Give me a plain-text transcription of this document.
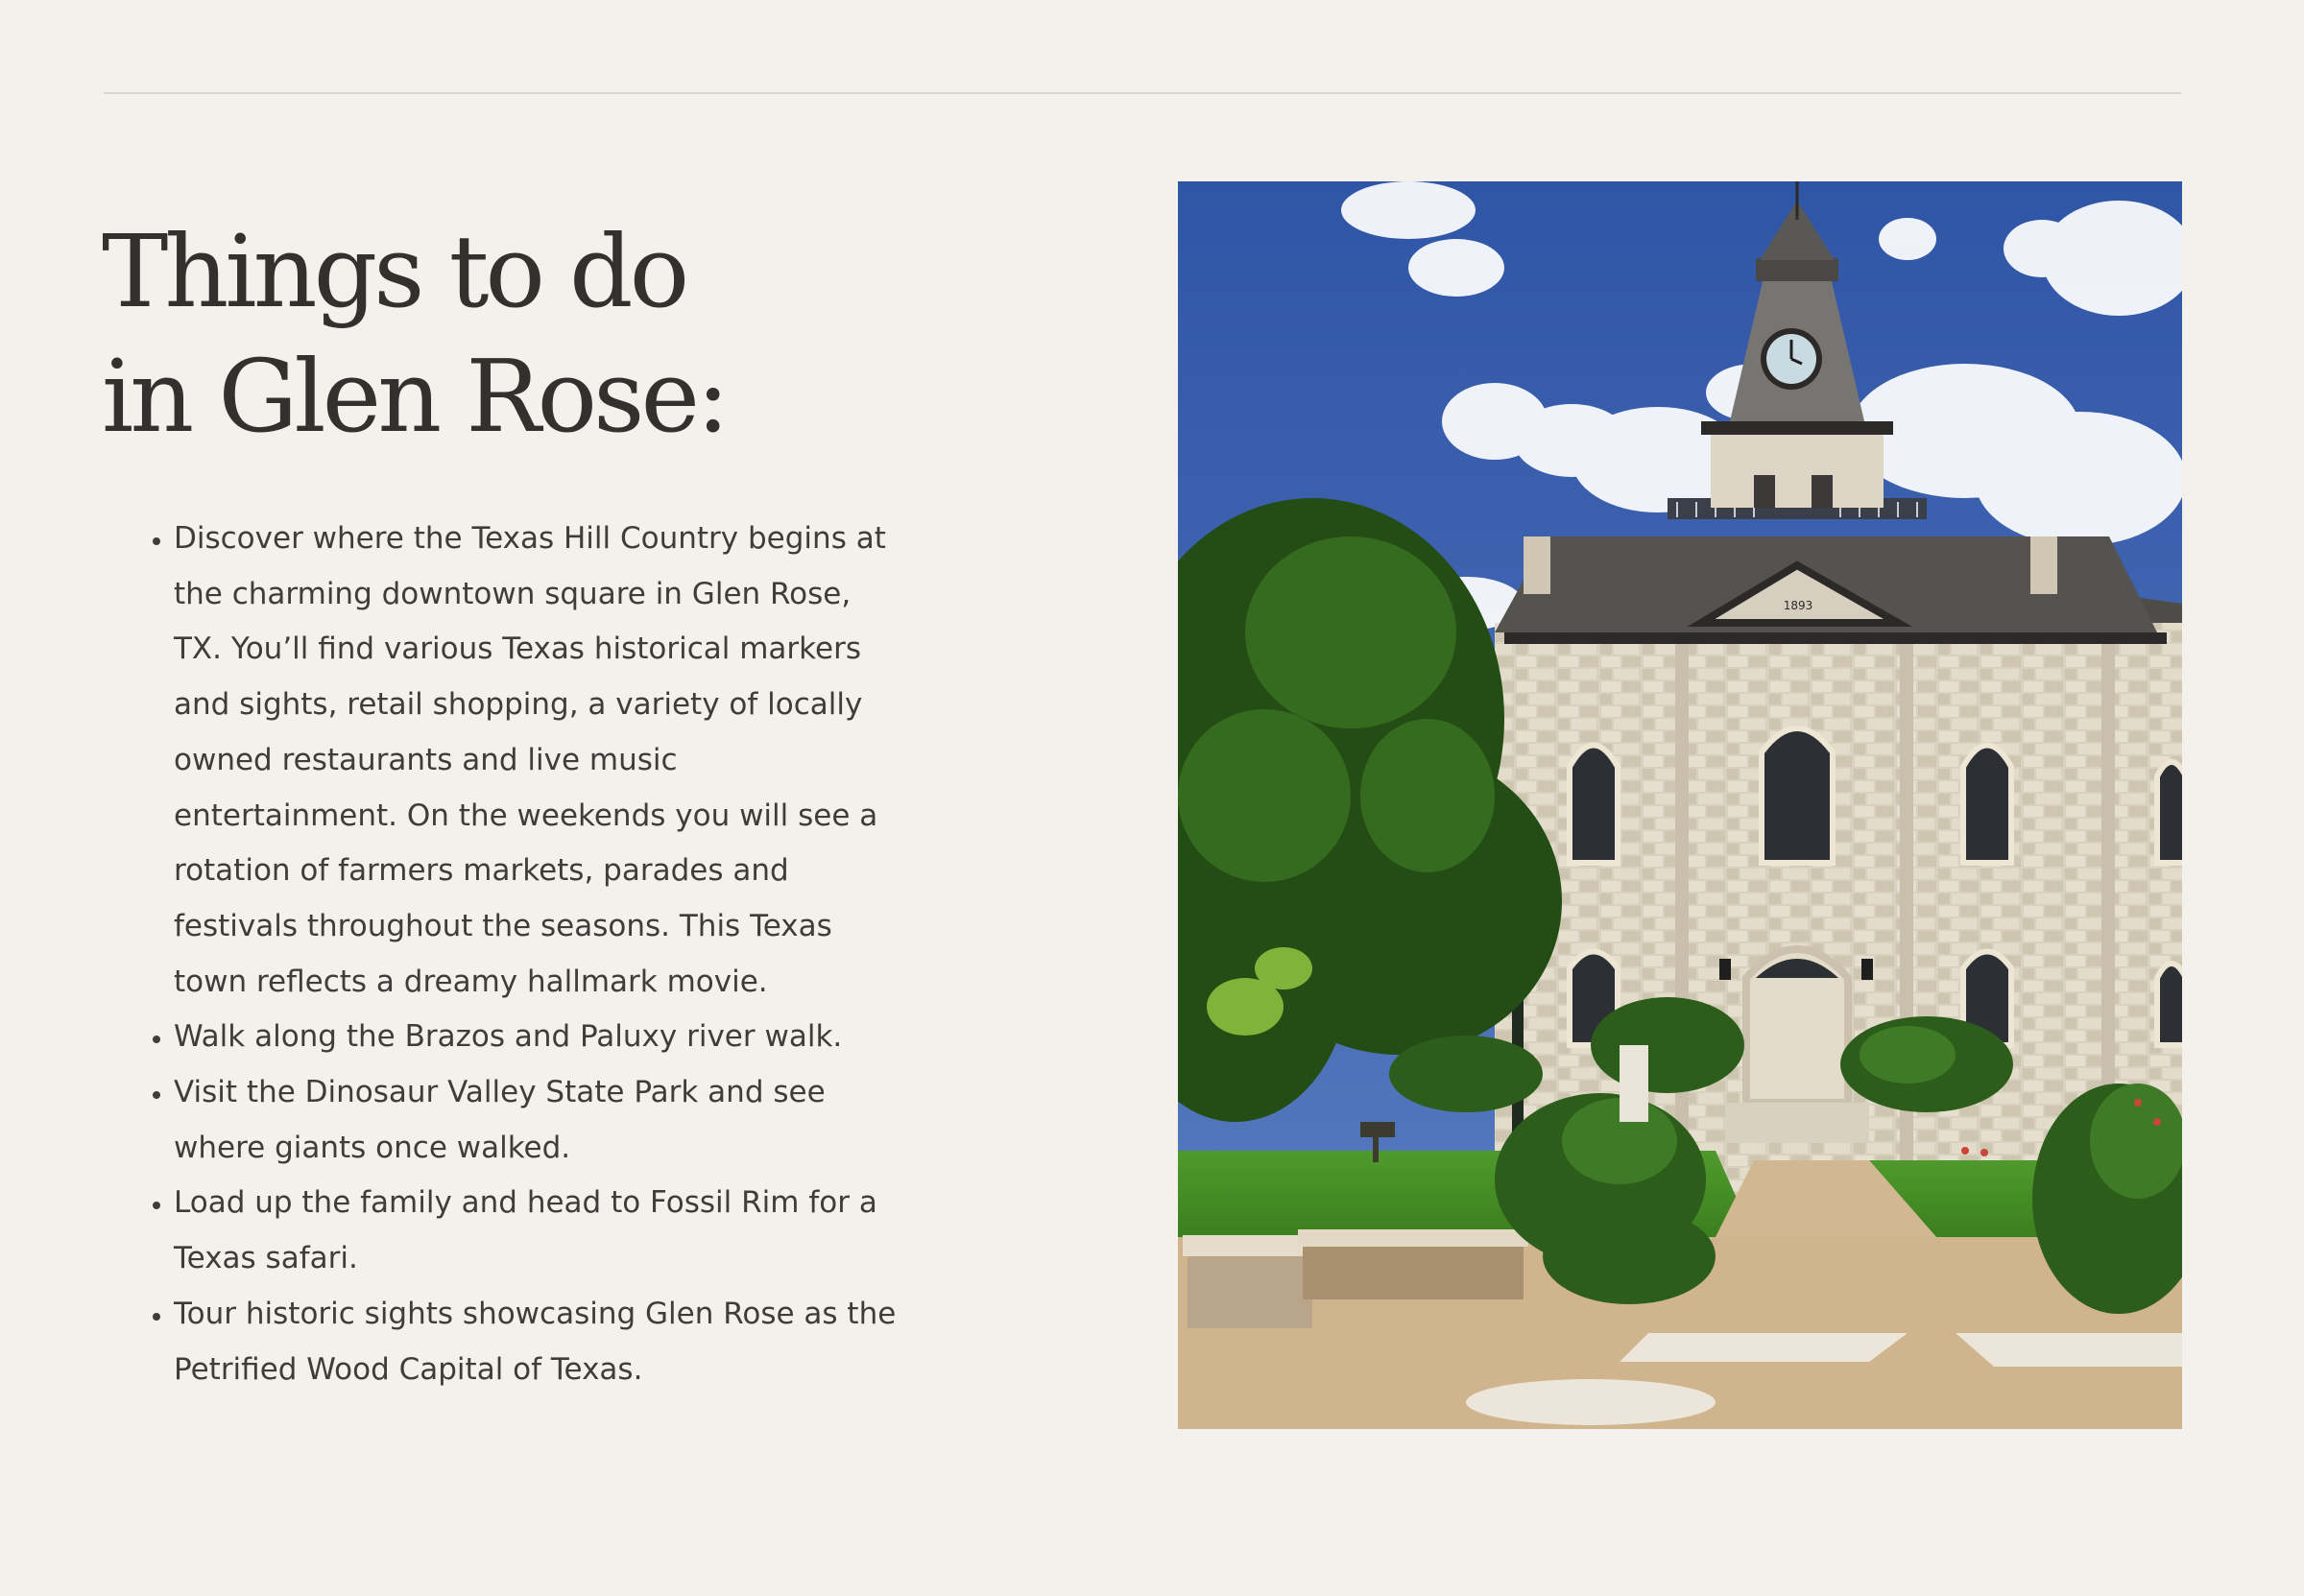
Things to do
in Glen Rose:
• Discover where the Texas Hill Country begins at the charming downtown square in Glen Rose, TX. You’ll find various Texas historical markers and sights, retail shopping, a variety of locally owned restaurants and live music entertainment. On the weekends you will see a rotation of farmers markets, parades and festivals throughout the seasons. This Texas town reflects a dreamy hallmark movie.
• Walk along the Brazos and Paluxy river walk.
• Visit the Dinosaur Valley State Park and see where giants once walked.
• Load up the family and head to Fossil Rim for a Texas safari.
• Tour historic sights showcasing Glen Rose as the Petrified Wood Capital of Texas.
1893
